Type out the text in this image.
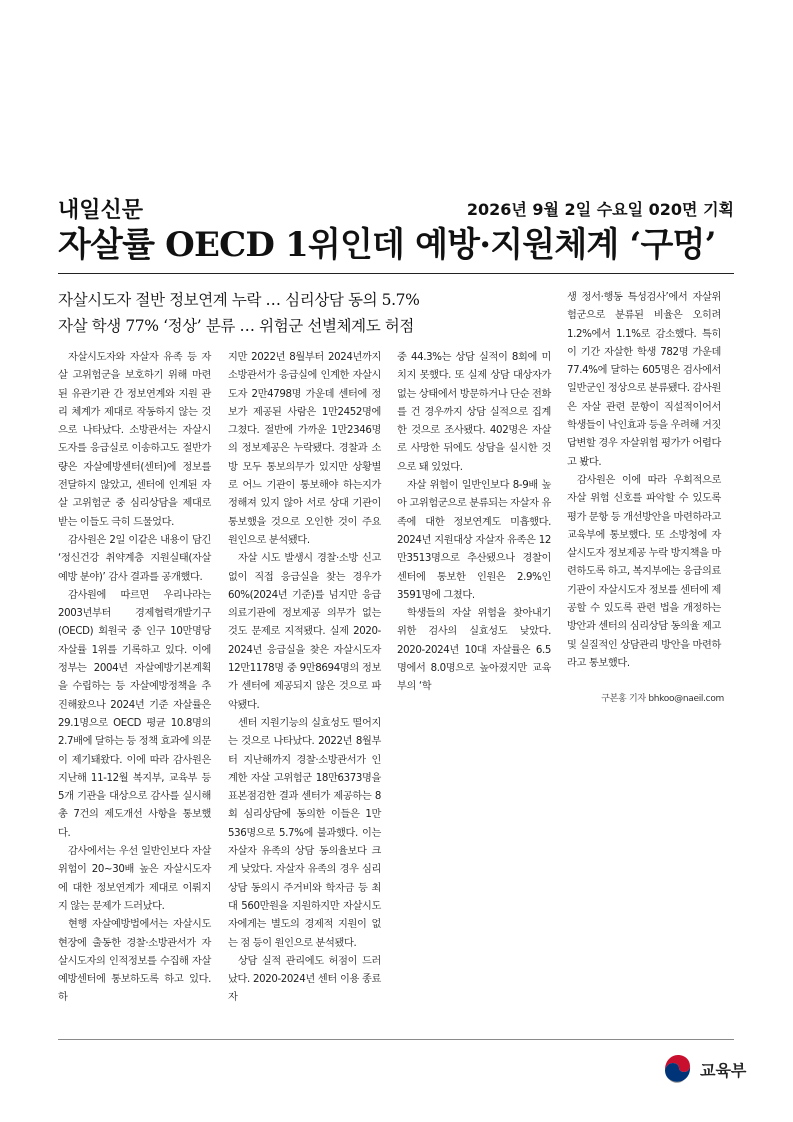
내일신문	2026년 9월 2일 수요일 020면 기획
자살률 OECD 1위인데 예방·지원체계 ‘구멍’
자살시도자 절반 정보연계 누락 … 심리상담 동의 5.7%
자살 학생 77% ‘정상’ 분류 … 위험군 선별체계도 허점

자살시도자와 자살자 유족 등 자살 고위험군을 보호하기 위해 마련된 유관기관 간 정보연계와 지원 관리 체계가 제대로 작동하지 않는 것으로 나타났다. 소방관서는 자살시도자를 응급실로 이송하고도 절반가량은 자살예방센터(센터)에 정보를 전달하지 않았고, 센터에 인계된 자살 고위험군 중 심리상담을 제대로 받는 이들도 극히 드물었다.

감사원은 2일 이같은 내용이 담긴 ‘정신건강 취약계층 지원실태(자살예방 분야)’ 감사 결과를 공개했다.

감사원에 따르면 우리나라는 2003년부터 경제협력개발기구(OECD) 회원국 중 인구 10만명당 자살률 1위를 기록하고 있다. 이에 정부는 2004년 자살예방기본계획을 수립하는 등 자살예방정책을 추진해왔으나 2024년 기준 자살률은 29.1명으로 OECD 평균 10.8명의 2.7배에 달하는 등 정책 효과에 의문이 제기돼왔다. 이에 따라 감사원은 지난해 11-12월 복지부, 교육부 등 5개 기관을 대상으로 감사를 실시해 총 7건의 제도개선 사항을 통보했다.

감사에서는 우선 일반인보다 자살위험이 20~30배 높은 자살시도자에 대한 정보연계가 제대로 이뤄지지 않는 문제가 드러났다.

현행 자살예방법에서는 자살시도 현장에 출동한 경찰·소방관서가 자살시도자의 인적정보를 수집해 자살예방센터에 통보하도록 하고 있다. 하

지만 2022년 8월부터 2024년까지 소방관서가 응급실에 인계한 자살시도자 2만4798명 가운데 센터에 정보가 제공된 사람은 1만2452명에 그쳤다. 절반에 가까운 1만2346명의 정보제공은 누락됐다. 경찰과 소방 모두 통보의무가 있지만 상황별로 어느 기관이 통보해야 하는지가 정해져 있지 않아 서로 상대 기관이 통보했을 것으로 오인한 것이 주요 원인으로 분석됐다.

자살 시도 발생시 경찰·소방 신고 없이 직접 응급실을 찾는 경우가 60%(2024년 기준)를 넘지만 응급의료기관에 정보제공 의무가 없는 것도 문제로 지적됐다. 실제 2020-2024년 응급실을 찾은 자살시도자 12만1178명 중 9만8694명의 정보가 센터에 제공되지 않은 것으로 파악됐다.

센터 지원기능의 실효성도 떨어지는 것으로 나타났다. 2022년 8월부터 지난해까지 경찰·소방관서가 인계한 자살 고위험군 18만6373명을 표본점검한 결과 센터가 제공하는 8회 심리상담에 동의한 이들은 1만536명으로 5.7%에 불과했다. 이는 자살자 유족의 상담 동의율보다 크게 낮았다. 자살자 유족의 경우 심리상담 동의시 주거비와 학자금 등 최대 560만원을 지원하지만 자살시도자에게는 별도의 경제적 지원이 없는 점 등이 원인으로 분석됐다.

상담 실적 관리에도 허점이 드러났다. 2020-2024년 센터 이용 종료자

중 44.3%는 상담 실적이 8회에 미치지 못했다. 또 실제 상담 대상자가 없는 상태에서 방문하거나 단순 전화를 건 경우까지 상담 실적으로 집계한 것으로 조사됐다. 402명은 자살로 사망한 뒤에도 상담을 실시한 것으로 돼 있었다.

자살 위험이 일반인보다 8-9배 높아 고위험군으로 분류되는 자살자 유족에 대한 정보연계도 미흡했다. 2024년 지원대상 자살자 유족은 12만3513명으로 추산됐으나 경찰이 센터에 통보한 인원은 2.9%인 3591명에 그쳤다.

학생들의 자살 위험을 찾아내기 위한 검사의 실효성도 낮았다. 2020-2024년 10대 자살률은 6.5명에서 8.0명으로 높아졌지만 교육부의 ‘학

생 정서·행동 특성검사’에서 자살위험군으로 분류된 비율은 오히려 1.2%에서 1.1%로 감소했다. 특히 이 기간 자살한 학생 782명 가운데 77.4%에 달하는 605명은 검사에서 일반군인 정상으로 분류됐다. 감사원은 자살 관련 문항이 직설적이어서 학생들이 낙인효과 등을 우려해 거짓 답변할 경우 자살위험 평가가 어렵다고 봤다.

감사원은 이에 따라 우회적으로 자살 위험 신호를 파악할 수 있도록 평가 문항 등 개선방안을 마련하라고 교육부에 통보했다. 또 소방청에 자살시도자 정보제공 누락 방지책을 마련하도록 하고, 복지부에는 응급의료기관이 자살시도자 정보를 센터에 제공할 수 있도록 관련 법을 개정하는 방안과 센터의 심리상담 동의율 제고 및 실질적인 상담관리 방안을 마련하라고 통보했다.

구본홍 기자 bhkoo@naeil.com
교육부
